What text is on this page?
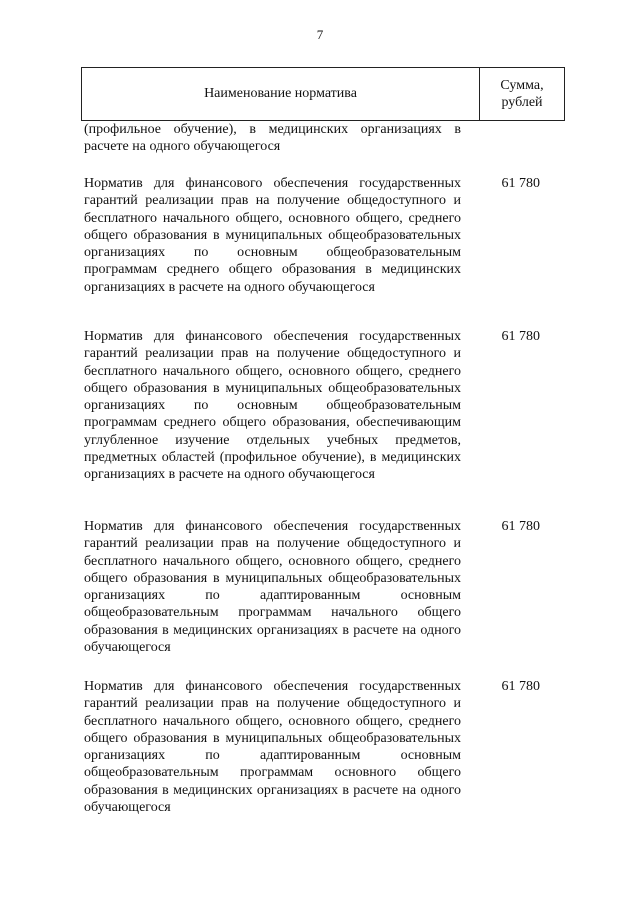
7
Наименование норматива
Сумма,
рублей
(профильное обучение), в медицинских организациях в расчете на одного обучающегося
Норматив для финансового обеспечения государственных гарантий реализации прав на получение общедоступного и бесплатного начального общего, основного общего, среднего общего образования в муниципальных общеобразовательных организациях по основным общеобразовательным программам среднего общего образования в медицинских организациях в расчете на одного обучающегося
61 780
Норматив для финансового обеспечения государственных гарантий реализации прав на получение общедоступного и бесплатного начального общего, основного общего, среднего общего образования в муниципальных общеобразовательных организациях по основным общеобразовательным программам среднего общего образования, обеспечивающим углубленное изучение отдельных учебных предметов, предметных областей (профильное обучение), в медицинских организациях в расчете на одного обучающегося
61 780
Норматив для финансового обеспечения государственных гарантий реализации прав на получение общедоступного и бесплатного начального общего, основного общего, среднего общего образования в муниципальных общеобразовательных организациях по адаптированным основным общеобразовательным программам начального общего образования в медицинских организациях в расчете на одного обучающегося
61 780
Норматив для финансового обеспечения государственных гарантий реализации прав на получение общедоступного и бесплатного начального общего, основного общего, среднего общего образования в муниципальных общеобразовательных организациях по адаптированным основным общеобразовательным программам основного общего образования в медицинских организациях в расчете на одного обучающегося
61 780
